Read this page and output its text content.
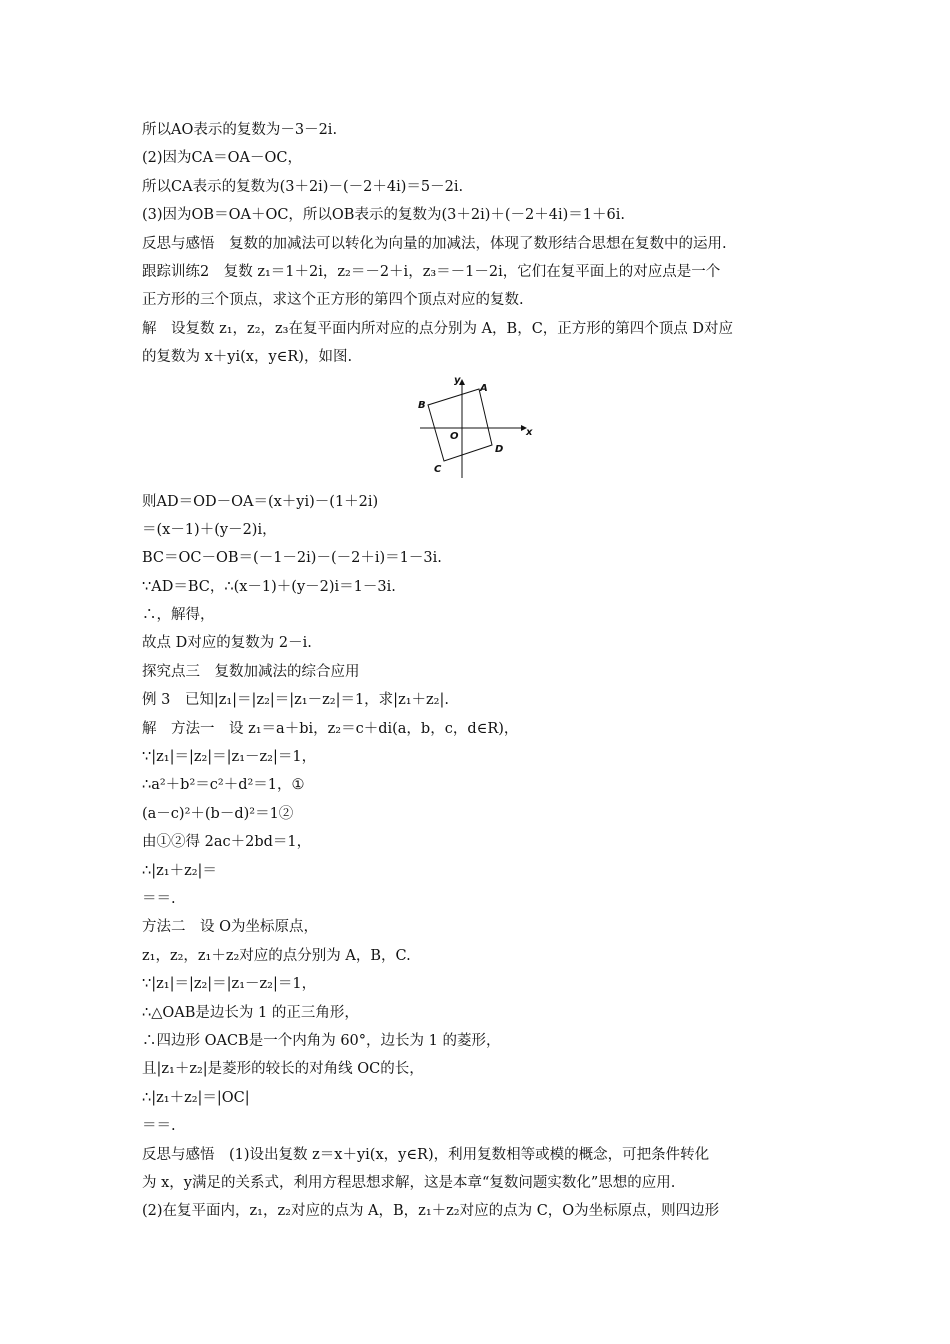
所以AO表示的复数为－3－2i.
(2)因为CA＝OA－OC，
所以CA表示的复数为(3＋2i)－(－2＋4i)＝5－2i.
(3)因为OB＝OA＋OC，所以OB表示的复数为(3＋2i)＋(－2＋4i)＝1＋6i.
反思与感悟　复数的加减法可以转化为向量的加减法，体现了数形结合思想在复数中的运用.
跟踪训练2　复数 z₁＝1＋2i，z₂＝－2＋i，z₃＝－1－2i，它们在复平面上的对应点是一个
正方形的三个顶点，求这个正方形的第四个顶点对应的复数.
解　设复数 z₁，z₂，z₃在复平面内所对应的点分别为 A，B，C，正方形的第四个顶点 D对应
的复数为 x＋yi(x，y∈R)，如图.
y
x
O
A
B
C
D
则AD＝OD－OA＝(x＋yi)－(1＋2i)
＝(x－1)＋(y－2)i，
BC＝OC－OB＝(－1－2i)－(－2＋i)＝1－3i.
∵AD＝BC，∴(x－1)＋(y－2)i＝1－3i.
∴，解得，
故点 D对应的复数为 2－i.
探究点三　复数加减法的综合应用
例 3　已知|z₁|＝|z₂|＝|z₁－z₂|＝1，求|z₁＋z₂|.
解　方法一　设 z₁＝a＋bi，z₂＝c＋di(a，b，c，d∈R)，
∵|z₁|＝|z₂|＝|z₁－z₂|＝1，
∴a²＋b²＝c²＋d²＝1，①
(a－c)²＋(b－d)²＝1②
由①②得 2ac＋2bd＝1，
∴|z₁＋z₂|＝
＝＝.
方法二　设 O为坐标原点，
z₁，z₂，z₁＋z₂对应的点分别为 A，B，C.
∵|z₁|＝|z₂|＝|z₁－z₂|＝1，
∴△OAB是边长为 1 的正三角形，
∴四边形 OACB是一个内角为 60°，边长为 1 的菱形，
且|z₁＋z₂|是菱形的较长的对角线 OC的长，
∴|z₁＋z₂|＝|OC|
＝＝.
反思与感悟　(1)设出复数 z＝x＋yi(x，y∈R)，利用复数相等或模的概念，可把条件转化
为 x，y满足的关系式，利用方程思想求解，这是本章“复数问题实数化”思想的应用.
(2)在复平面内，z₁，z₂对应的点为 A，B，z₁＋z₂对应的点为 C，O为坐标原点，则四边形
